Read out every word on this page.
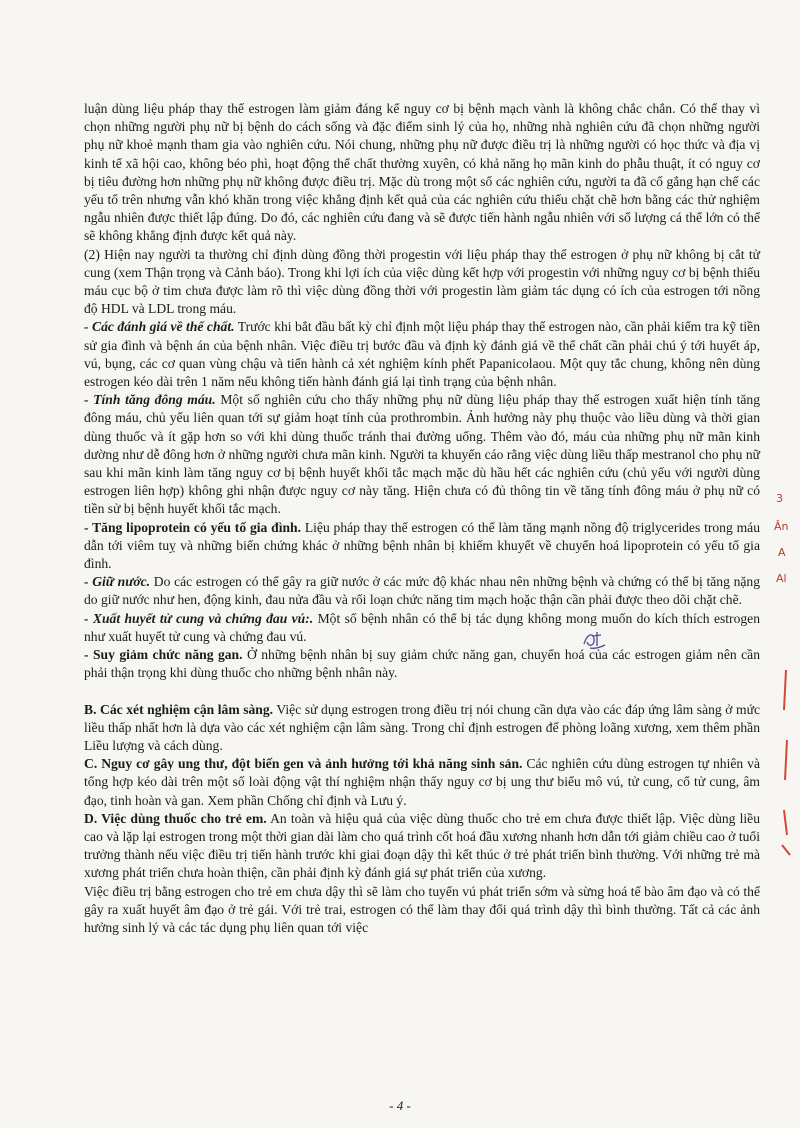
luận dùng liệu pháp thay thế estrogen làm giảm đáng kể nguy cơ bị bệnh mạch vành là không chắc chắn. Có thể thay vì chọn những người phụ nữ bị bệnh do cách sống và đặc điểm sinh lý của họ, những nhà nghiên cứu đã chọn những người phụ nữ khoẻ mạnh tham gia vào nghiên cứu. Nói chung, những phụ nữ được điều trị là những người có học thức và địa vị kinh tế xã hội cao, không béo phì, hoạt động thể chất thường xuyên, có khả năng họ mãn kinh do phẫu thuật, ít có nguy cơ bị tiêu đường hơn những phụ nữ không được điều trị. Mặc dù trong một số các nghiên cứu, người ta đã cố gắng hạn chế các yếu tố trên nhưng vẫn khó khăn trong việc khẳng định kết quả của các nghiên cứu thiếu chặt chẽ hơn bằng các thử nghiệm ngẫu nhiên được thiết lập đúng. Do đó, các nghiên cứu đang và sẽ được tiến hành ngẫu nhiên với số lượng cá thể lớn có thể sẽ không khẳng định được kết quả này.

(2) Hiện nay người ta thường chỉ định dùng đồng thời progestin với liệu pháp thay thế estrogen ở phụ nữ không bị cắt tử cung (xem Thận trọng và Cảnh báo). Trong khi lợi ích của việc dùng kết hợp với progestin với những nguy cơ bị bệnh thiếu máu cục bộ ở tim chưa được làm rõ thì việc dùng đồng thời với progestin làm giảm tác dụng có ích của estrogen tới nồng độ HDL và LDL trong máu.

- Các đánh giá về thể chất. Trước khi bắt đầu bất kỳ chỉ định một liệu pháp thay thế estrogen nào, cần phải kiểm tra kỹ tiền sử gia đình và bệnh án của bệnh nhân. Việc điều trị bước đầu và định kỳ đánh giá về thể chất cần phải chú ý tới huyết áp, vú, bụng, các cơ quan vùng chậu và tiến hành cả xét nghiệm kính phết Papanicolaou. Một quy tắc chung, không nên dùng estrogen kéo dài trên 1 năm nếu không tiến hành đánh giá lại tình trạng của bệnh nhân.

- Tính tăng đông máu. Một số nghiên cứu cho thấy những phụ nữ dùng liệu pháp thay thế estrogen xuất hiện tính tăng đông máu, chủ yếu liên quan tới sự giảm hoạt tính của prothrombin. Ảnh hưởng này phụ thuộc vào liều dùng và thời gian dùng thuốc và ít gặp hơn so với khi dùng thuốc tránh thai đường uống. Thêm vào đó, máu của những phụ nữ mãn kinh dường như dễ đông hơn ở những người chưa mãn kinh. Người ta khuyến cáo rằng việc dùng liều thấp mestranol cho phụ nữ sau khi mãn kinh làm tăng nguy cơ bị bệnh huyết khối tắc mạch mặc dù hầu hết các nghiên cứu (chủ yếu với người dùng estrogen liên hợp) không ghi nhận được nguy cơ này tăng. Hiện chưa có đủ thông tin về tăng tính đông máu ở phụ nữ có tiền sử bị bệnh huyết khối tắc mạch.

- Tăng lipoprotein có yếu tố gia đình. Liệu pháp thay thế estrogen có thể làm tăng mạnh nồng độ triglycerides trong máu dẫn tới viêm tuỵ và những biến chứng khác ở những bệnh nhân bị khiếm khuyết về chuyển hoá lipoprotein có yếu tố gia đình.

- Giữ nước. Do các estrogen có thể gây ra giữ nước ở các mức độ khác nhau nên những bệnh và chứng có thể bị tăng nặng do giữ nước như hen, động kinh, đau nửa đầu và rối loạn chức năng tim mạch hoặc thận cần phải được theo dõi chặt chẽ.

- Xuất huyết tử cung và chứng đau vú:. Một số bệnh nhân có thể bị tác dụng không mong muốn do kích thích estrogen như xuất huyết tử cung và chứng đau vú.

- Suy giảm chức năng gan. Ở những bệnh nhân bị suy giảm chức năng gan, chuyển hoá của các estrogen giảm nên cần phải thận trọng khi dùng thuốc cho những bệnh nhân này.

B. Các xét nghiệm cận lâm sàng. Việc sử dụng estrogen trong điều trị nói chung cần dựa vào các đáp ứng lâm sàng ở mức liều thấp nhất hơn là dựa vào các xét nghiệm cận lâm sàng. Trong chỉ định estrogen để phòng loãng xương, xem thêm phần Liều lượng và cách dùng.

C. Nguy cơ gây ung thư, đột biến gen và ảnh hưởng tới khả năng sinh sản. Các nghiên cứu dùng estrogen tự nhiên và tổng hợp kéo dài trên một số loài động vật thí nghiệm nhận thấy nguy cơ bị ung thư biểu mô vú, tử cung, cổ tử cung, âm đạo, tinh hoàn và gan. Xem phần Chống chỉ định và Lưu ý.

D. Việc dùng thuốc cho trẻ em. An toàn và hiệu quả của việc dùng thuốc cho trẻ em chưa được thiết lập. Việc dùng liều cao và lặp lại estrogen trong một thời gian dài làm cho quá trình cốt hoá đầu xương nhanh hơn dẫn tới giảm chiều cao ở tuổi trưởng thành nếu việc điều trị tiến hành trước khi giai đoạn dậy thì kết thúc ở trẻ phát triển bình thường. Với những trẻ mà xương phát triển chưa hoàn thiện, cần phải định kỳ đánh giá sự phát triển của xương.

Việc điều trị bằng estrogen cho trẻ em chưa dậy thì sẽ làm cho tuyến vú phát triển sớm và sừng hoá tế bào âm đạo và có thể gây ra xuất huyết âm đạo ở trẻ gái. Với trẻ trai, estrogen có thể làm thay đổi quá trình dậy thì bình thường. Tất cả các ảnh hưởng sinh lý và các tác dụng phụ liên quan tới việc

3
Ân
A
Al
- 4 -
